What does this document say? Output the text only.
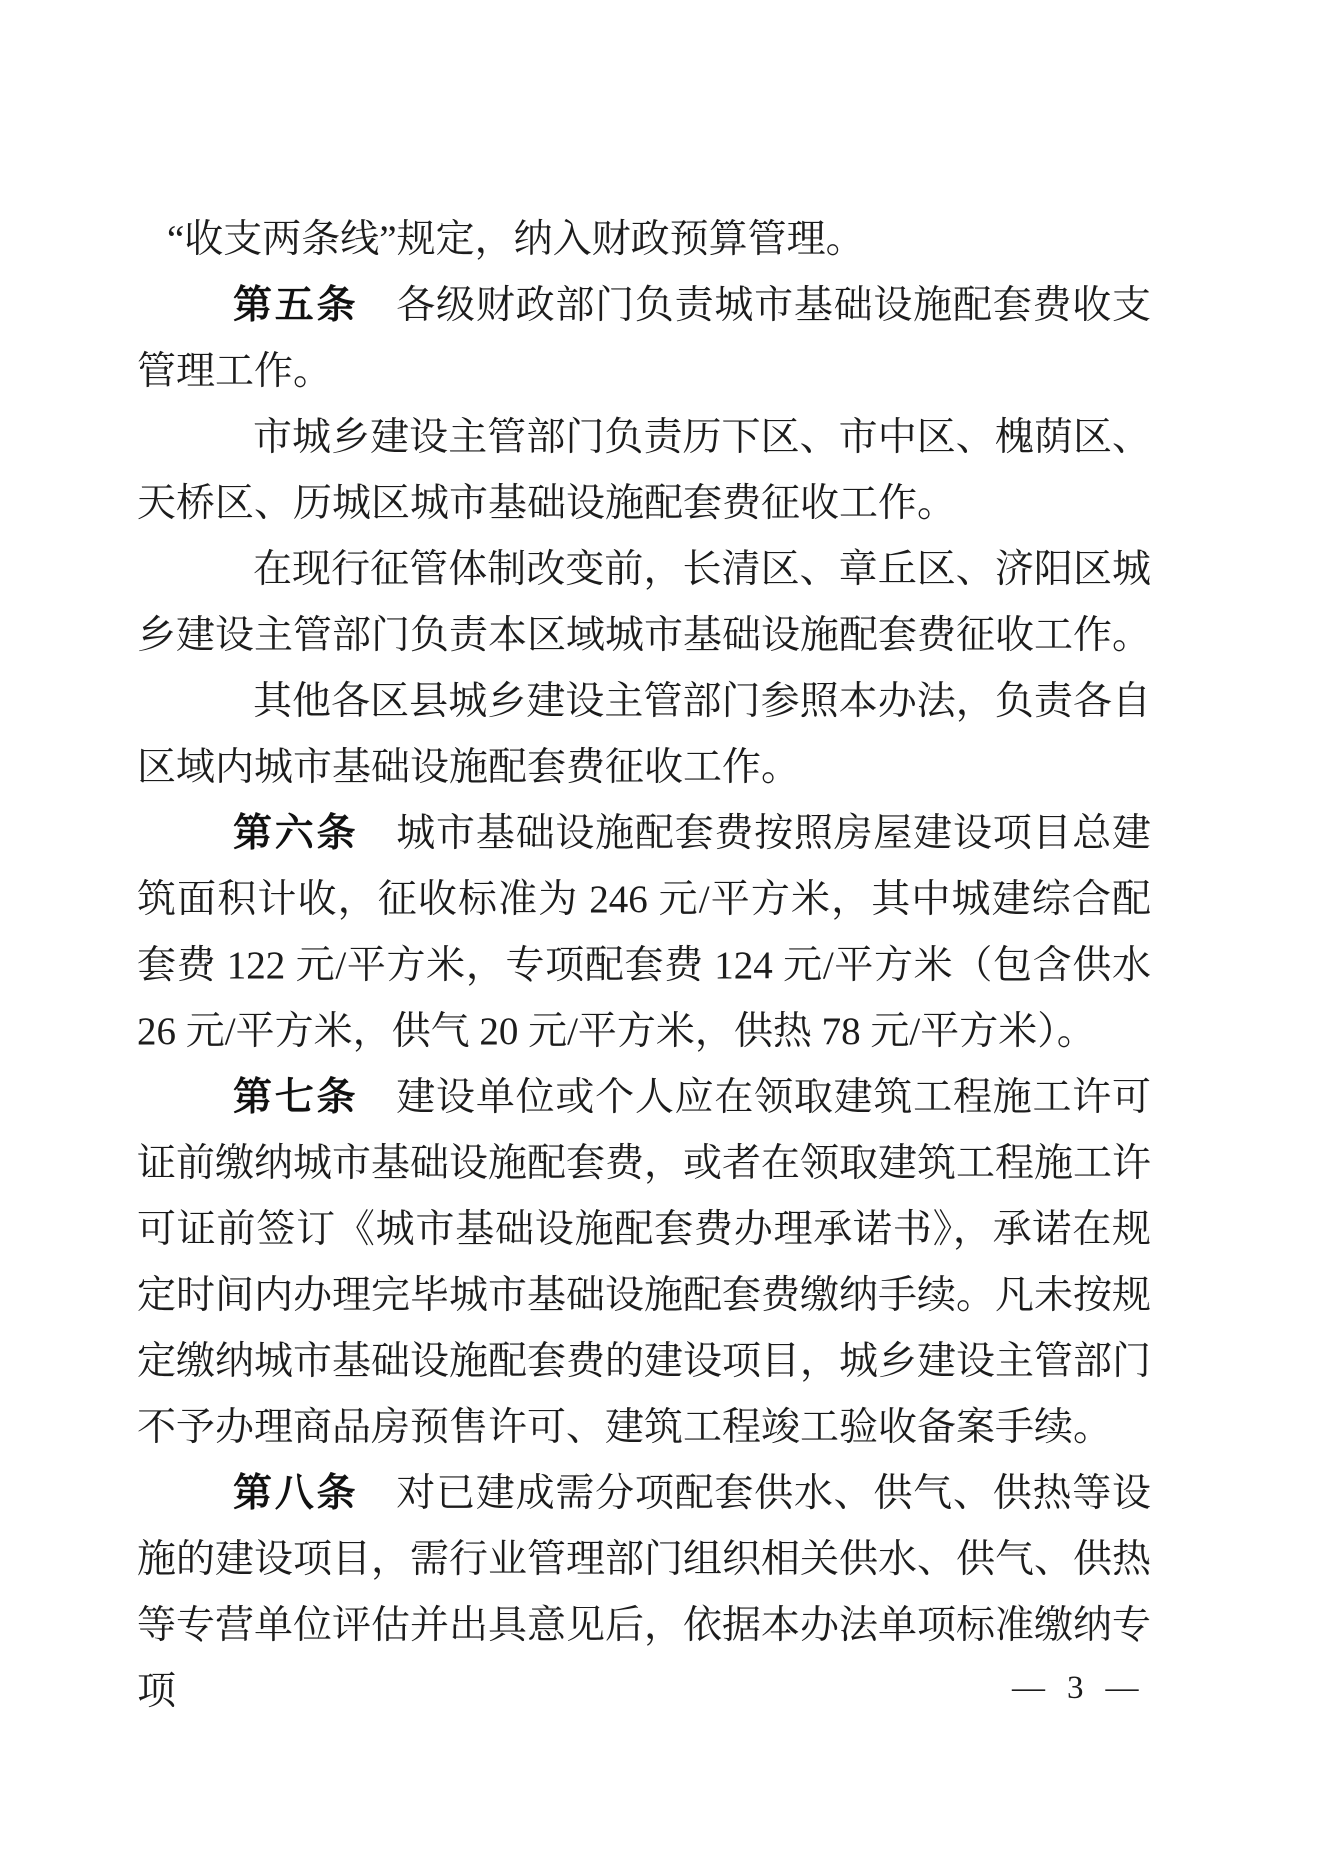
“收支两条线”规定，纳入财政预算管理。

第五条 各级财政部门负责城市基础设施配套费收支管理工作。

市城乡建设主管部门负责历下区、市中区、槐荫区、天桥区、历城区城市基础设施配套费征收工作。

在现行征管体制改变前，长清区、章丘区、济阳区城乡建设主管部门负责本区域城市基础设施配套费征收工作。

其他各区县城乡建设主管部门参照本办法，负责各自区域内城市基础设施配套费征收工作。

第六条 城市基础设施配套费按照房屋建设项目总建筑面积计收，征收标准为 246 元/平方米，其中城建综合配套费 122 元/平方米，专项配套费 124 元/平方米（包含供水 26 元/平方米，供气 20 元/平方米，供热 78 元/平方米）。

第七条 建设单位或个人应在领取建筑工程施工许可证前缴纳城市基础设施配套费，或者在领取建筑工程施工许可证前签订《城市基础设施配套费办理承诺书》，承诺在规定时间内办理完毕城市基础设施配套费缴纳手续。凡未按规定缴纳城市基础设施配套费的建设项目，城乡建设主管部门不予办理商品房预售许可、建筑工程竣工验收备案手续。

第八条 对已建成需分项配套供水、供气、供热等设施的建设项目，需行业管理部门组织相关供水、供气、供热等专营单位评估并出具意见后，依据本办法单项标准缴纳专项	— 3 —
